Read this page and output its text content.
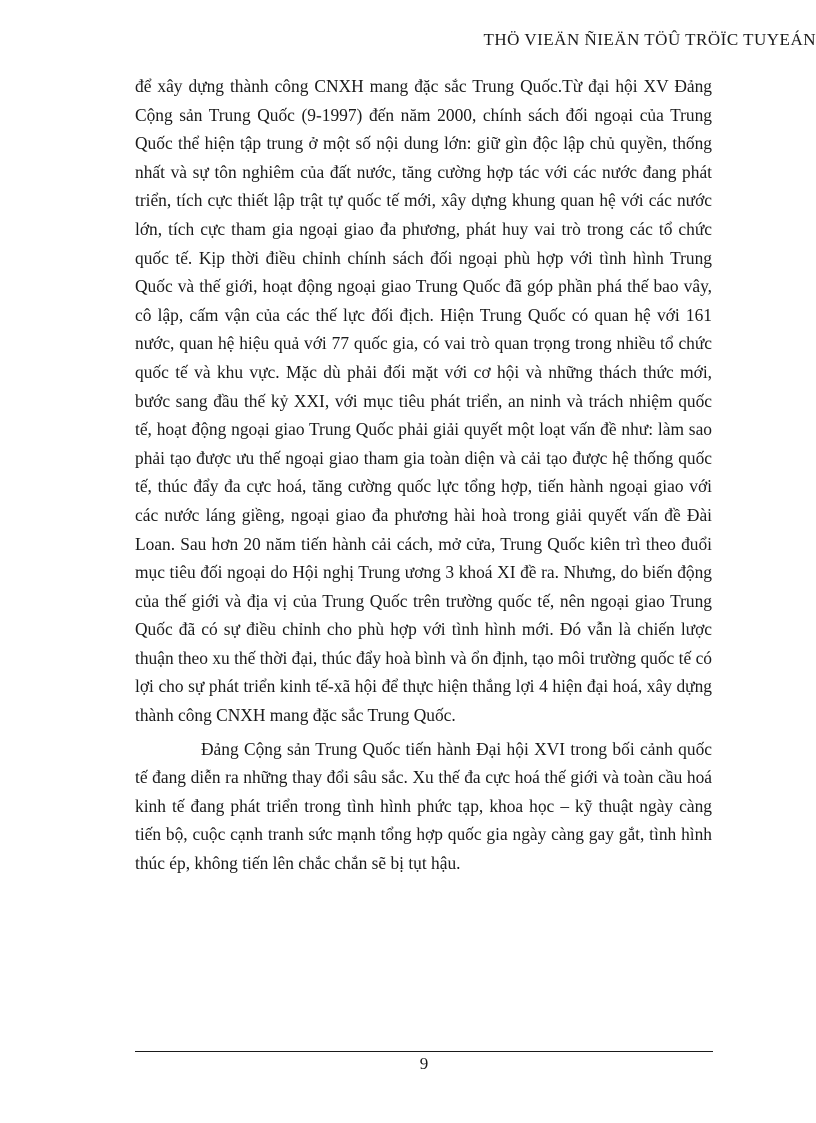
THÖ VIEÄN ÑIEÄN TÖÛ TRÖÏC TUYEÁN

để xây dựng thành công CNXH mang đặc sắc Trung Quốc.Từ đại hội XV Đảng Cộng sản Trung Quốc (9-1997) đến năm 2000, chính sách đối ngoại của Trung Quốc thể hiện tập trung ở một số nội dung lớn: giữ gìn độc lập chủ quyền, thống nhất và sự tôn nghiêm của đất nước, tăng cường hợp tác với các nước đang phát triển, tích cực thiết lập trật tự quốc tế mới, xây dựng khung quan hệ với các nước lớn, tích cực tham gia ngoại giao đa phương, phát huy vai trò trong các tổ chức quốc tế. Kịp thời điều chỉnh chính sách đối ngoại phù hợp với tình hình Trung Quốc và thế giới, hoạt động ngoại giao Trung Quốc đã góp phần phá thế bao vây, cô lập, cấm vận của các thế lực đối địch. Hiện Trung Quốc có quan hệ với 161 nước, quan hệ hiệu quả với 77 quốc gia, có vai trò quan trọng trong nhiều tổ chức quốc tế và khu vực. Mặc dù phải đối mặt với cơ hội và những thách thức mới, bước sang đầu thế kỷ XXI, với mục tiêu phát triển, an ninh và trách nhiệm quốc tế, hoạt động ngoại giao Trung Quốc phải giải quyết một loạt vấn đề như: làm sao phải tạo được ưu thế ngoại giao tham gia toàn diện và cải tạo được hệ thống quốc tế, thúc đẩy đa cực hoá, tăng cường quốc lực tổng hợp, tiến hành ngoại giao với các nước láng giềng, ngoại giao đa phương hài hoà trong giải quyết vấn đề Đài Loan. Sau hơn 20 năm tiến hành cải cách, mở cửa, Trung Quốc kiên trì theo đuổi mục tiêu đối ngoại do Hội nghị Trung ương 3 khoá XI đề ra. Nhưng, do biến động của thế giới và địa vị của Trung Quốc trên trường quốc tế, nên ngoại giao Trung Quốc đã có sự điều chỉnh cho phù hợp với tình hình mới. Đó vẫn là chiến lược thuận theo xu thế thời đại, thúc đẩy hoà bình và ổn định, tạo môi trường quốc tế có lợi cho sự phát triển kinh tế-xã hội để thực hiện thắng lợi 4 hiện đại hoá, xây dựng thành công CNXH mang đặc sắc Trung Quốc.

Đảng Cộng sản Trung Quốc tiến hành Đại hội XVI trong bối cảnh quốc tế đang diễn ra những thay đổi sâu sắc. Xu thế đa cực hoá thế giới và toàn cầu hoá kinh tế đang phát triển trong tình hình phức tạp, khoa học – kỹ thuật ngày càng tiến bộ, cuộc cạnh tranh sức mạnh tổng hợp quốc gia ngày càng gay gắt, tình hình thúc ép, không tiến lên chắc chắn sẽ bị tụt hậu.

9
